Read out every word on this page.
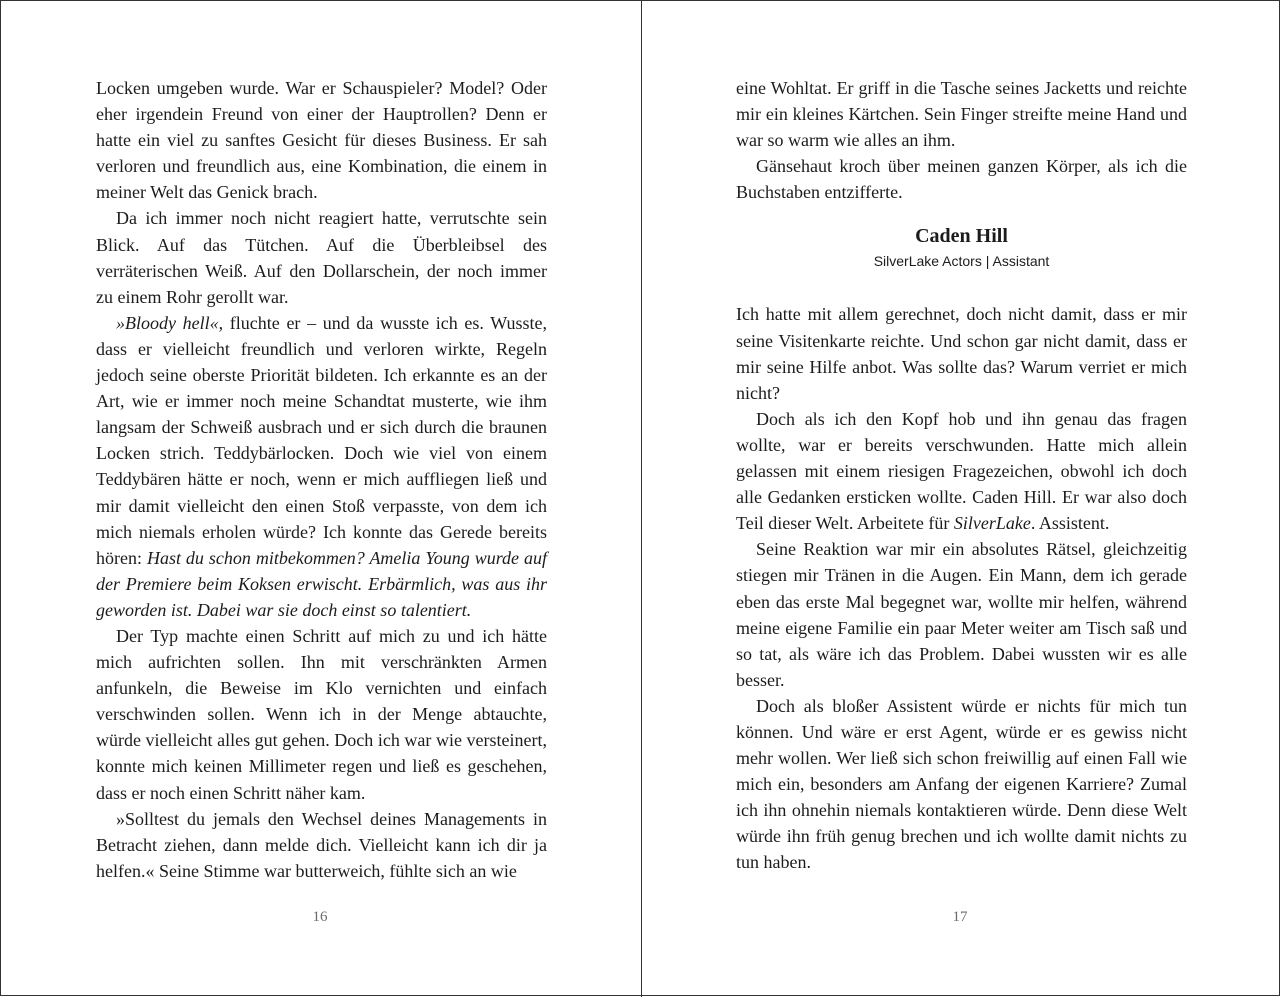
Locken umgeben wurde. War er Schauspieler? Model? Oder eher irgendein Freund von einer der Hauptrollen? Denn er hatte ein viel zu sanftes Gesicht für dieses Business. Er sah verloren und freundlich aus, eine Kombination, die einem in meiner Welt das Genick brach.

Da ich immer noch nicht reagiert hatte, verrutschte sein Blick. Auf das Tütchen. Auf die Überbleibsel des verräterischen Weiß. Auf den Dollarschein, der noch immer zu einem Rohr gerollt war.

»Bloody hell«, fluchte er – und da wusste ich es. Wusste, dass er vielleicht freundlich und verloren wirkte, Regeln jedoch seine oberste Priorität bildeten. Ich erkannte es an der Art, wie er immer noch meine Schandtat musterte, wie ihm langsam der Schweiß ausbrach und er sich durch die braunen Locken strich. Teddybärlocken. Doch wie viel von einem Teddybären hätte er noch, wenn er mich auffliegen ließ und mir damit vielleicht den einen Stoß verpasste, von dem ich mich niemals erholen würde? Ich konnte das Gerede bereits hören: Hast du schon mitbekommen? Amelia Young wurde auf der Premiere beim Koksen erwischt. Erbärmlich, was aus ihr geworden ist. Dabei war sie doch einst so talentiert.

Der Typ machte einen Schritt auf mich zu und ich hätte mich aufrichten sollen. Ihn mit verschränkten Armen anfunkeln, die Beweise im Klo vernichten und einfach verschwinden sollen. Wenn ich in der Menge abtauchte, würde vielleicht alles gut gehen. Doch ich war wie versteinert, konnte mich keinen Millimeter regen und ließ es geschehen, dass er noch einen Schritt näher kam.

»Solltest du jemals den Wechsel deines Managements in Betracht ziehen, dann melde dich. Vielleicht kann ich dir ja helfen.« Seine Stimme war butterweich, fühlte sich an wie

16

eine Wohltat. Er griff in die Tasche seines Jacketts und reichte mir ein kleines Kärtchen. Sein Finger streifte meine Hand und war so warm wie alles an ihm.

Gänsehaut kroch über meinen ganzen Körper, als ich die Buchstaben entzifferte.

Caden Hill
SilverLake Actors | Assistant

Ich hatte mit allem gerechnet, doch nicht damit, dass er mir seine Visitenkarte reichte. Und schon gar nicht damit, dass er mir seine Hilfe anbot. Was sollte das? Warum verriet er mich nicht?

Doch als ich den Kopf hob und ihn genau das fragen wollte, war er bereits verschwunden. Hatte mich allein gelassen mit einem riesigen Fragezeichen, obwohl ich doch alle Gedanken ersticken wollte. Caden Hill. Er war also doch Teil dieser Welt. Arbeitete für SilverLake. Assistent.

Seine Reaktion war mir ein absolutes Rätsel, gleichzeitig stiegen mir Tränen in die Augen. Ein Mann, dem ich gerade eben das erste Mal begegnet war, wollte mir helfen, während meine eigene Familie ein paar Meter weiter am Tisch saß und so tat, als wäre ich das Problem. Dabei wussten wir es alle besser.

Doch als bloßer Assistent würde er nichts für mich tun können. Und wäre er erst Agent, würde er es gewiss nicht mehr wollen. Wer ließ sich schon freiwillig auf einen Fall wie mich ein, besonders am Anfang der eigenen Karriere? Zumal ich ihn ohnehin niemals kontaktieren würde. Denn diese Welt würde ihn früh genug brechen und ich wollte damit nichts zu tun haben.

17
